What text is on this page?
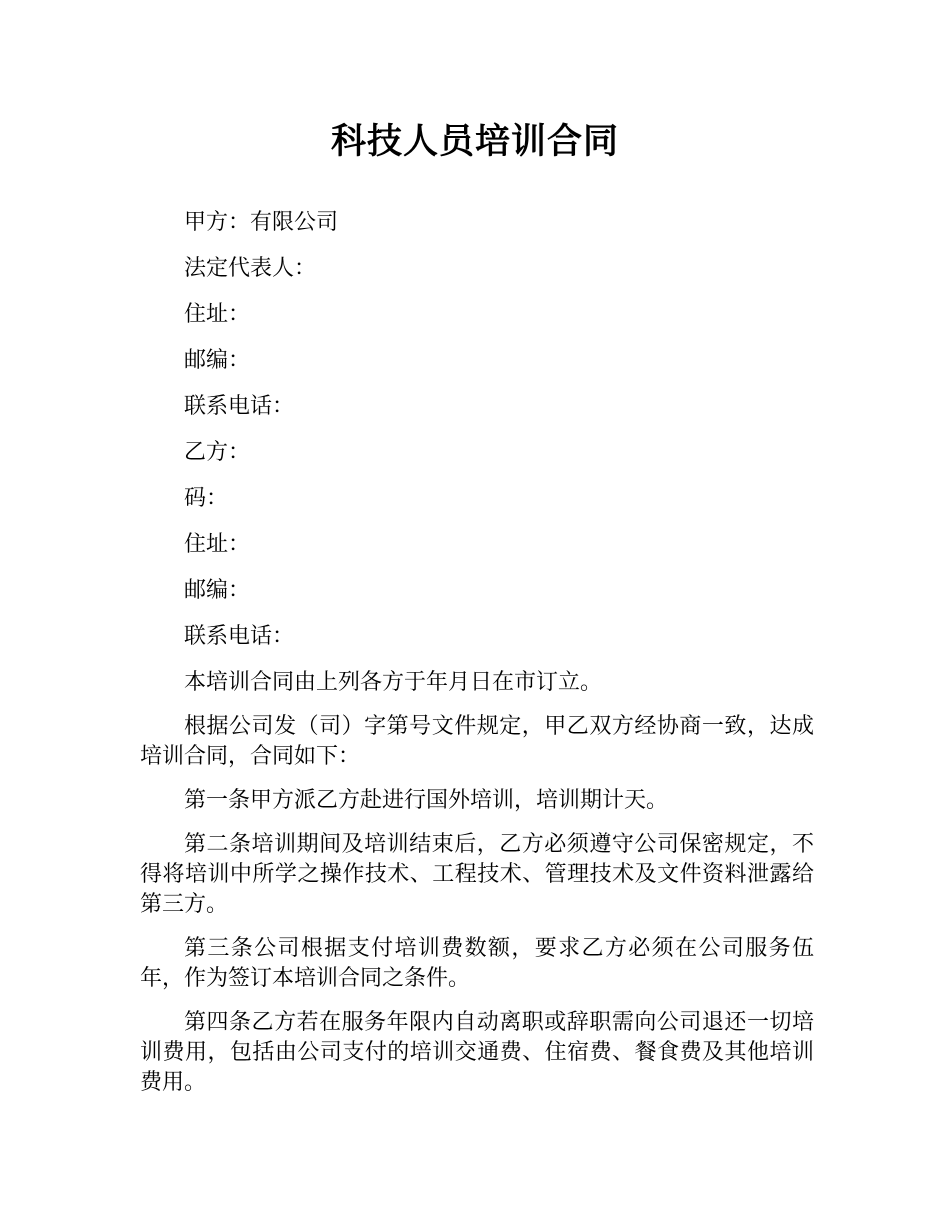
科技人员培训合同

甲方：有限公司

法定代表人：

住址：

邮编：

联系电话：

乙方：

码：

住址：

邮编：

联系电话：

本培训合同由上列各方于年月日在市订立。

根据公司发（司）字第号文件规定，甲乙双方经协商一致，达成培训合同，合同如下：

第一条甲方派乙方赴进行国外培训，培训期计天。

第二条培训期间及培训结束后，乙方必须遵守公司保密规定，不得将培训中所学之操作技术、工程技术、管理技术及文件资料泄露给第三方。

第三条公司根据支付培训费数额，要求乙方必须在公司服务伍年，作为签订本培训合同之条件。

第四条乙方若在服务年限内自动离职或辞职需向公司退还一切培训费用，包括由公司支付的培训交通费、住宿费、餐食费及其他培训费用。
